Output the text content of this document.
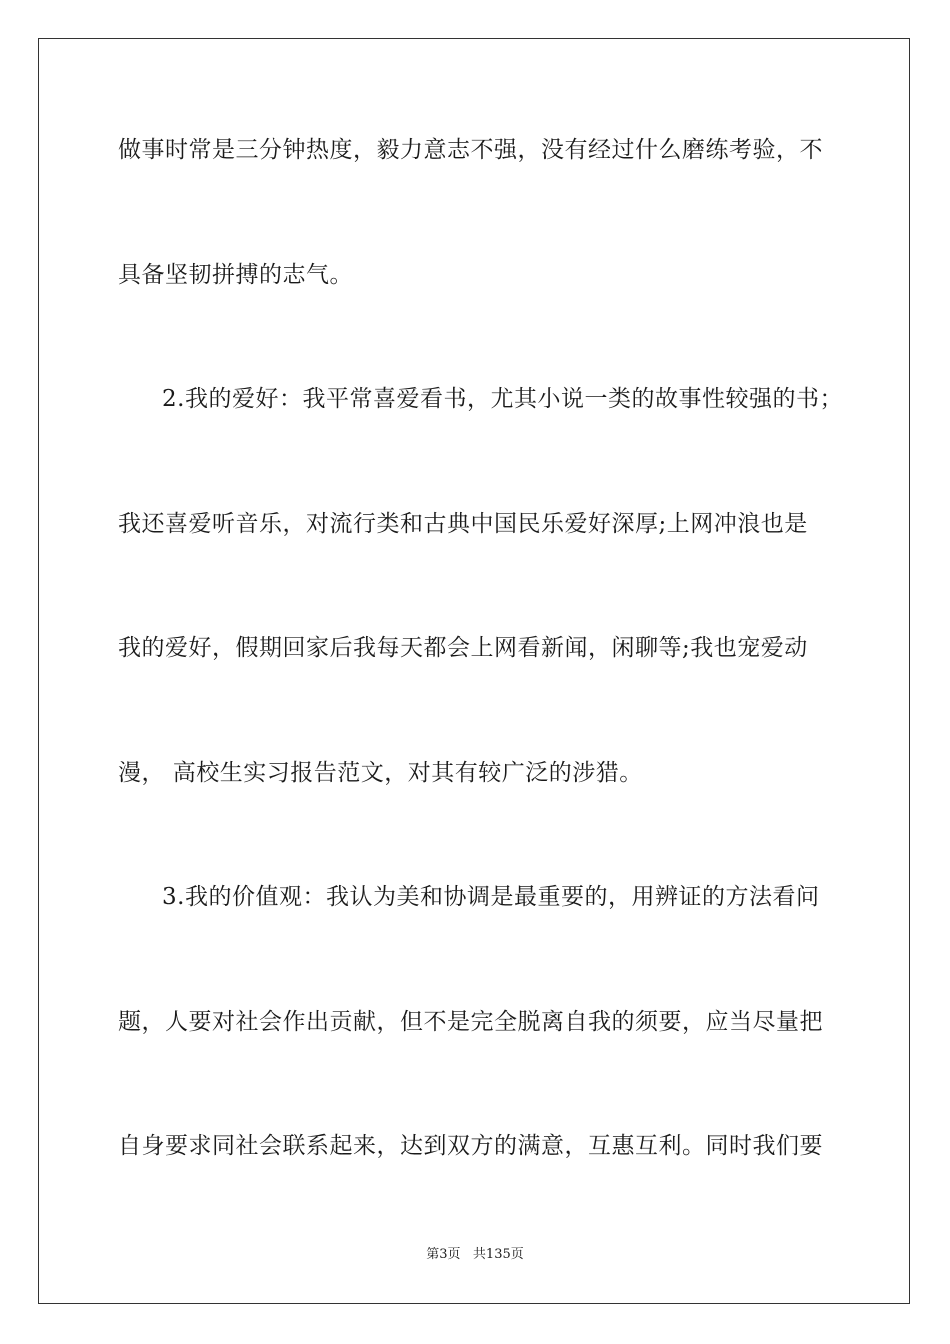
做事时常是三分钟热度，毅力意志不强，没有经过什么磨练考验，不
具备坚韧拼搏的志气。
2.我的爱好：我平常喜爱看书，尤其小说一类的故事性较强的书；
我还喜爱听音乐，对流行类和古典中国民乐爱好深厚;上网冲浪也是
我的爱好，假期回家后我每天都会上网看新闻，闲聊等;我也宠爱动
漫， 高校生实习报告范文，对其有较广泛的涉猎。
3.我的价值观：我认为美和协调是最重要的，用辨证的方法看问
题，人要对社会作出贡献，但不是完全脱离自我的须要，应当尽量把
自身要求同社会联系起来，达到双方的满意，互惠互利。同时我们要
第3页 共135页
